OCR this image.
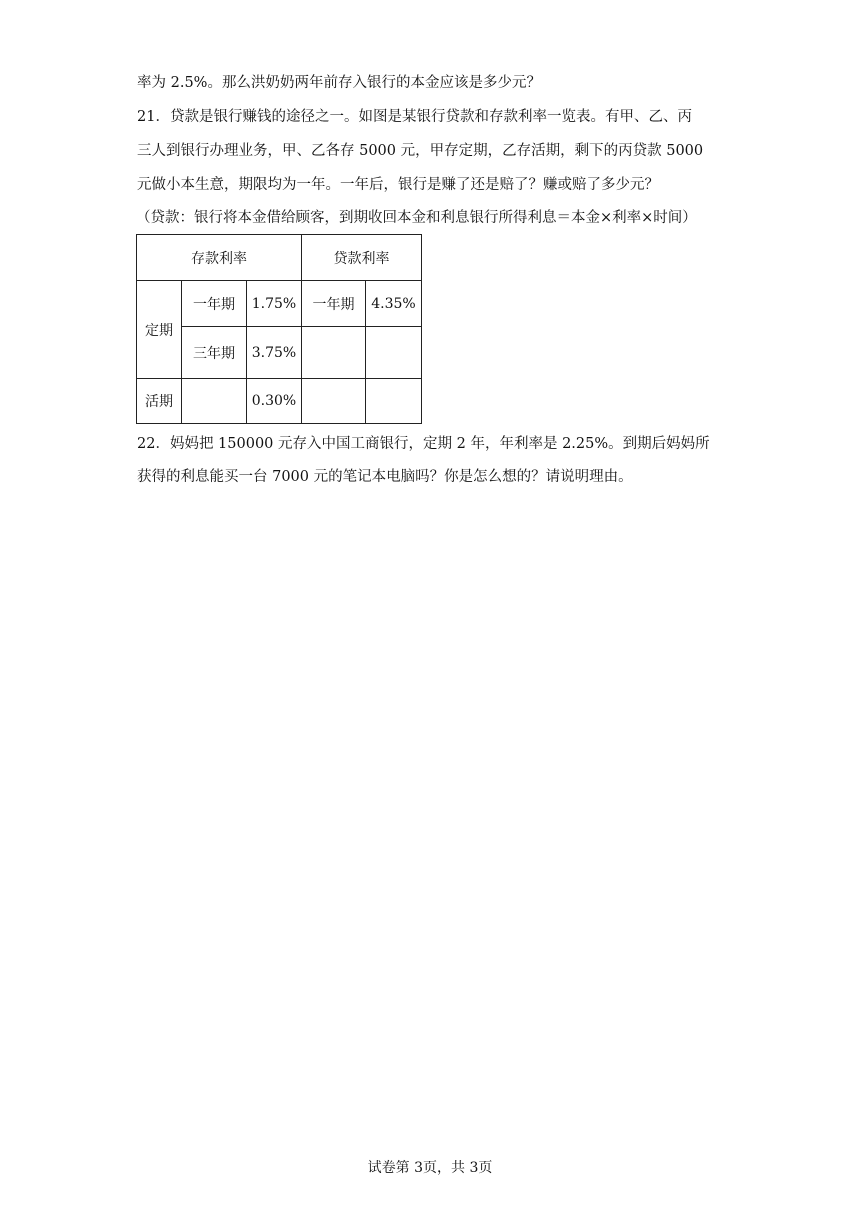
率为 2.5%。那么洪奶奶两年前存入银行的本金应该是多少元？
21．贷款是银行赚钱的途径之一。如图是某银行贷款和存款利率一览表。有甲、乙、丙
三人到银行办理业务，甲、乙各存 5000 元，甲存定期，乙存活期，剩下的丙贷款 5000
元做小本生意，期限均为一年。一年后，银行是赚了还是赔了？赚或赔了多少元？
（贷款：银行将本金借给顾客，到期收回本金和利息银行所得利息＝本金×利率×时间）
存款利率			贷款利率	
定期	一年期	1.75%	一年期	4.35%
	三年期	3.75%		
活期		0.30%		
22．妈妈把 150000 元存入中国工商银行，定期 2 年，年利率是 2.25%。到期后妈妈所
获得的利息能买一台 7000 元的笔记本电脑吗？你是怎么想的？请说明理由。
试卷第 3页，共 3页
